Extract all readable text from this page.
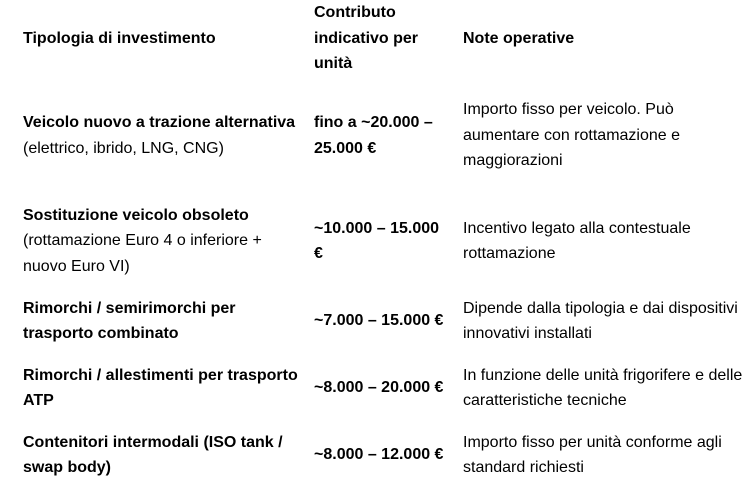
Tipologia di investimento	Contributo indicativo per unità	Note operative
Veicolo nuovo a trazione alternativa (elettrico, ibrido, LNG, CNG)	fino a ~20.000 – 25.000 €	Importo fisso per veicolo. Può aumentare con rottamazione e maggiorazioni
Sostituzione veicolo obsoleto (rottamazione Euro 4 o inferiore + nuovo Euro VI)	~10.000 – 15.000 €	Incentivo legato alla contestuale rottamazione
Rimorchi / semirimorchi per trasporto combinato	~7.000 – 15.000 €	Dipende dalla tipologia e dai dispositivi innovativi installati
Rimorchi / allestimenti per trasporto ATP	~8.000 – 20.000 €	In funzione delle unità frigorifere e delle caratteristiche tecniche
Contenitori intermodali (ISO tank / swap body)	~8.000 – 12.000 €	Importo fisso per unità conforme agli standard richiesti
